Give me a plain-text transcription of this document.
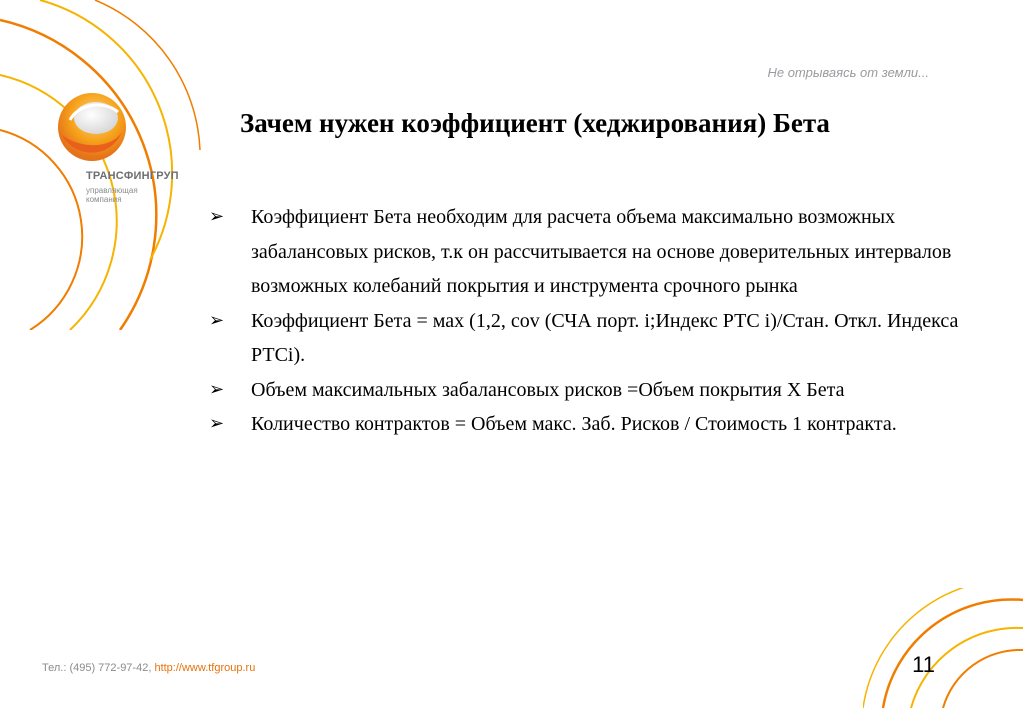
ТРАНСФИНГРУП
управляющая
компания
Не отрываясь от земли...
Зачем нужен коэффициент (хеджирования) Бета
➢	Коэффициент Бета необходим для расчета объема максимально возможных забалансовых рисков, т.к он рассчитывается на основе доверительных интервалов возможных колебаний покрытия и инструмента срочного рынка
➢	Коэффициент Бета = мах (1,2, cov (СЧА порт. i;Индекс РТС i)/Стан. Откл. Индекса РТСi).
➢	Объем максимальных забалансовых рисков =Объем покрытия Х Бета
➢	Количество контрактов = Объем макс. Заб. Рисков / Стоимость 1 контракта.
Тел.: (495) 772-97-42, http://www.tfgroup.ru	11
